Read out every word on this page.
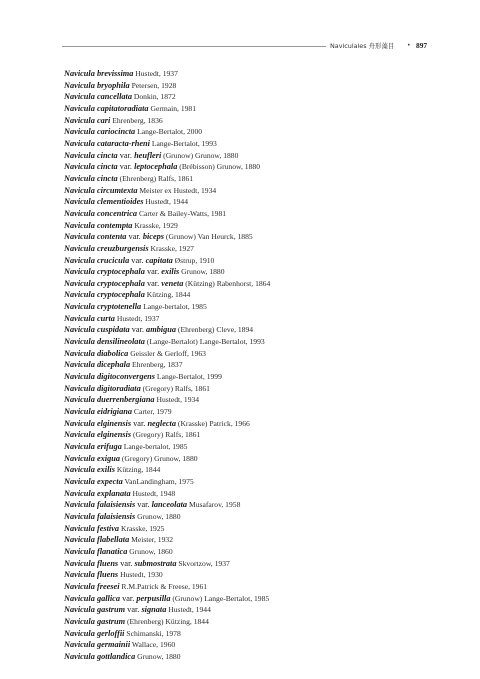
Naviculales 舟形藻目 • 897
Navicula brevissima Hustedt, 1937
Navicula bryophila Petersen, 1928
Navicula cancellata Donkin, 1872
Navicula capitatoradiata Germain, 1981
Navicula cari Ehrenberg, 1836
Navicula cariocincta Lange-Bertalot, 2000
Navicula cataracta-rheni Lange-Bertalot, 1993
Navicula cincta var. heufleri (Grunow) Grunow, 1880
Navicula cincta var. leptocephala (Brébisson) Grunow, 1880
Navicula cincta (Ehrenberg) Ralfs, 1861
Navicula circumtexta Meister ex Hustedt, 1934
Navicula clementioides Hustedt, 1944
Navicula concentrica Carter & Bailey-Watts, 1981
Navicula contempta Krasske, 1929
Navicula contenta var. biceps (Grunow) Van Heurck, 1885
Navicula creuzburgensis Krasske, 1927
Navicula crucicula var. capitata Østrup, 1910
Navicula cryptocephala var. exilis Grunow, 1880
Navicula cryptocephala var. veneta (Kützing) Rabenhorst, 1864
Navicula cryptocephala Kützing, 1844
Navicula cryptotenella Lange-bertalot, 1985
Navicula curta Hustedt, 1937
Navicula cuspidata var. ambigua (Ehrenberg) Cleve, 1894
Navicula densilineolata (Lange-Bertalot) Lange-Bertalot, 1993
Navicula diabolica Geissler & Gerloff, 1963
Navicula dicephala Ehrenberg, 1837
Navicula digitoconvergens Lange-Bertalot, 1999
Navicula digitoradiata (Gregory) Ralfs, 1861
Navicula duerrenbergiana Hustedt, 1934
Navicula eidrigiana Carter, 1979
Navicula elginensis var. neglecta (Krasske) Patrick, 1966
Navicula elginensis (Gregory) Ralfs, 1861
Navicula erifuga Lange-bertalot, 1985
Navicula exigua (Gregory) Grunow, 1880
Navicula exilis Kützing, 1844
Navicula expecta VanLandingham, 1975
Navicula explanata Hustedt, 1948
Navicula falaisiensis var. lanceolata Musafarov, 1958
Navicula falaisiensis Grunow, 1880
Navicula festiva Krasske, 1925
Navicula flabellata Meister, 1932
Navicula flanatica Grunow, 1860
Navicula fluens var. submostrata Skvortzow, 1937
Navicula fluens Hustedt, 1930
Navicula freesei R.M.Patrick & Freese, 1961
Navicula gallica var. perpusilla (Grunow) Lange-Bertalot, 1985
Navicula gastrum var. signata Hustedt, 1944
Navicula gastrum (Ehrenberg) Kützing, 1844
Navicula gerloffii Schimanski, 1978
Navicula germainii Wallace, 1960
Navicula gottlandica Grunow, 1880
